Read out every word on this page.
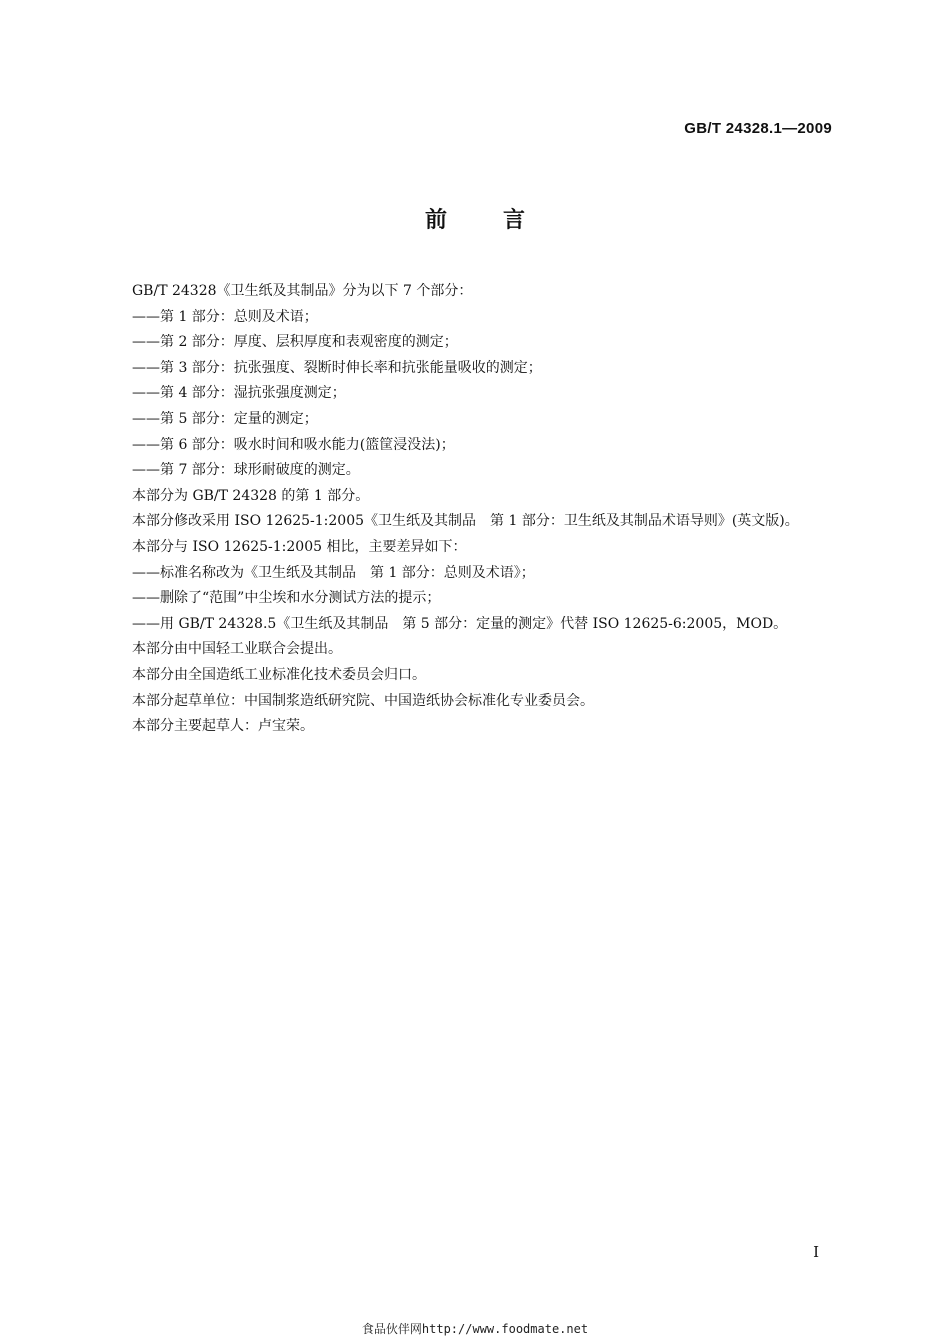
GB/T 24328.1—2009
前言
GB/T 24328《卫生纸及其制品》分为以下 7 个部分：
——第 1 部分：总则及术语；
——第 2 部分：厚度、层积厚度和表观密度的测定；
——第 3 部分：抗张强度、裂断时伸长率和抗张能量吸收的测定；
——第 4 部分：湿抗张强度测定；
——第 5 部分：定量的测定；
——第 6 部分：吸水时间和吸水能力(篮筐浸没法)；
——第 7 部分：球形耐破度的测定。
本部分为 GB/T 24328 的第 1 部分。
本部分修改采用 ISO 12625-1:2005《卫生纸及其制品　第 1 部分：卫生纸及其制品术语导则》(英文版)。
本部分与 ISO 12625-1:2005 相比，主要差异如下：
——标准名称改为《卫生纸及其制品　第 1 部分：总则及术语》；
——删除了“范围”中尘埃和水分测试方法的提示；
——用 GB/T 24328.5《卫生纸及其制品　第 5 部分：定量的测定》代替 ISO 12625-6:2005，MOD。
本部分由中国轻工业联合会提出。
本部分由全国造纸工业标准化技术委员会归口。
本部分起草单位：中国制浆造纸研究院、中国造纸协会标准化专业委员会。
本部分主要起草人：卢宝荣。
I
食品伙伴网http://www.foodmate.net
